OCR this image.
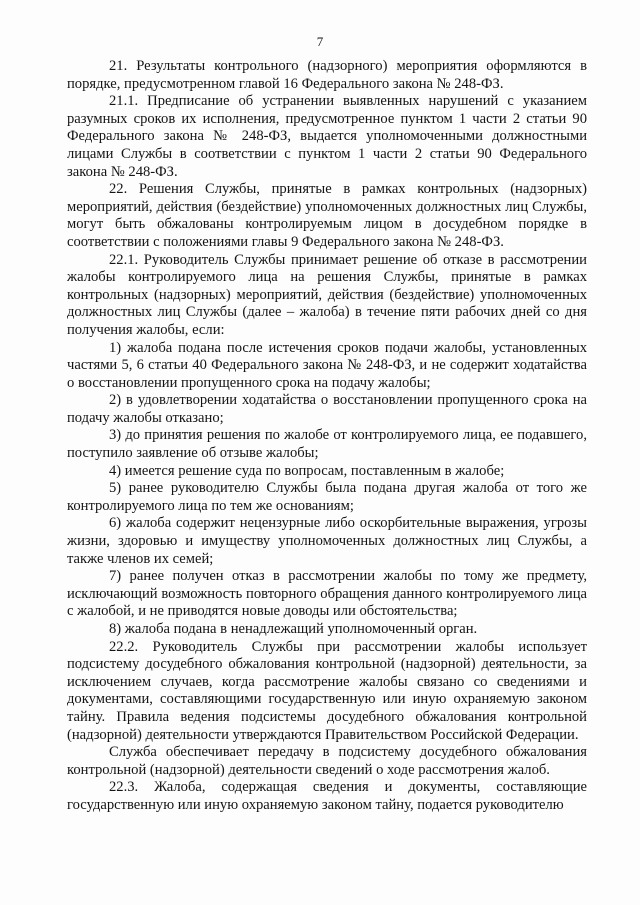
7

21. Результаты контрольного (надзорного) мероприятия оформляются в порядке, предусмотренном главой 16 Федерального закона № 248-ФЗ.

21.1. Предписание об устранении выявленных нарушений с указанием разумных сроков их исполнения, предусмотренное пунктом 1 части 2 статьи 90 Федерального закона № 248-ФЗ, выдается уполномоченными должностными лицами Службы в соответствии с пунктом 1 части 2 статьи 90 Федерального закона № 248-ФЗ.

22. Решения Службы, принятые в рамках контрольных (надзорных) мероприятий, действия (бездействие) уполномоченных должностных лиц Службы, могут быть обжалованы контролируемым лицом в досудебном порядке в соответствии с положениями главы 9 Федерального закона № 248-ФЗ.

22.1. Руководитель Службы принимает решение об отказе в рассмотрении жалобы контролируемого лица на решения Службы, принятые в рамках контрольных (надзорных) мероприятий, действия (бездействие) уполномоченных должностных лиц Службы (далее – жалоба) в течение пяти рабочих дней со дня получения жалобы, если:

1) жалоба подана после истечения сроков подачи жалобы, установленных частями 5, 6 статьи 40 Федерального закона № 248-ФЗ, и не содержит ходатайства о восстановлении пропущенного срока на подачу жалобы;

2) в удовлетворении ходатайства о восстановлении пропущенного срока на подачу жалобы отказано;

3) до принятия решения по жалобе от контролируемого лица, ее подавшего, поступило заявление об отзыве жалобы;

4) имеется решение суда по вопросам, поставленным в жалобе;

5) ранее руководителю Службы была подана другая жалоба от того же контролируемого лица по тем же основаниям;

6) жалоба содержит нецензурные либо оскорбительные выражения, угрозы жизни, здоровью и имуществу уполномоченных должностных лиц Службы, а также членов их семей;

7) ранее получен отказ в рассмотрении жалобы по тому же предмету, исключающий возможность повторного обращения данного контролируемого лица с жалобой, и не приводятся новые доводы или обстоятельства;

8) жалоба подана в ненадлежащий уполномоченный орган.

22.2. Руководитель Службы при рассмотрении жалобы использует подсистему досудебного обжалования контрольной (надзорной) деятельности, за исключением случаев, когда рассмотрение жалобы связано со сведениями и документами, составляющими государственную или иную охраняемую законом тайну. Правила ведения подсистемы досудебного обжалования контрольной (надзорной) деятельности утверждаются Правительством Российской Федерации.

Служба обеспечивает передачу в подсистему досудебного обжалования контрольной (надзорной) деятельности сведений о ходе рассмотрения жалоб.

22.3. Жалоба, содержащая сведения и документы, составляющие государственную или иную охраняемую законом тайну, подается руководителю
